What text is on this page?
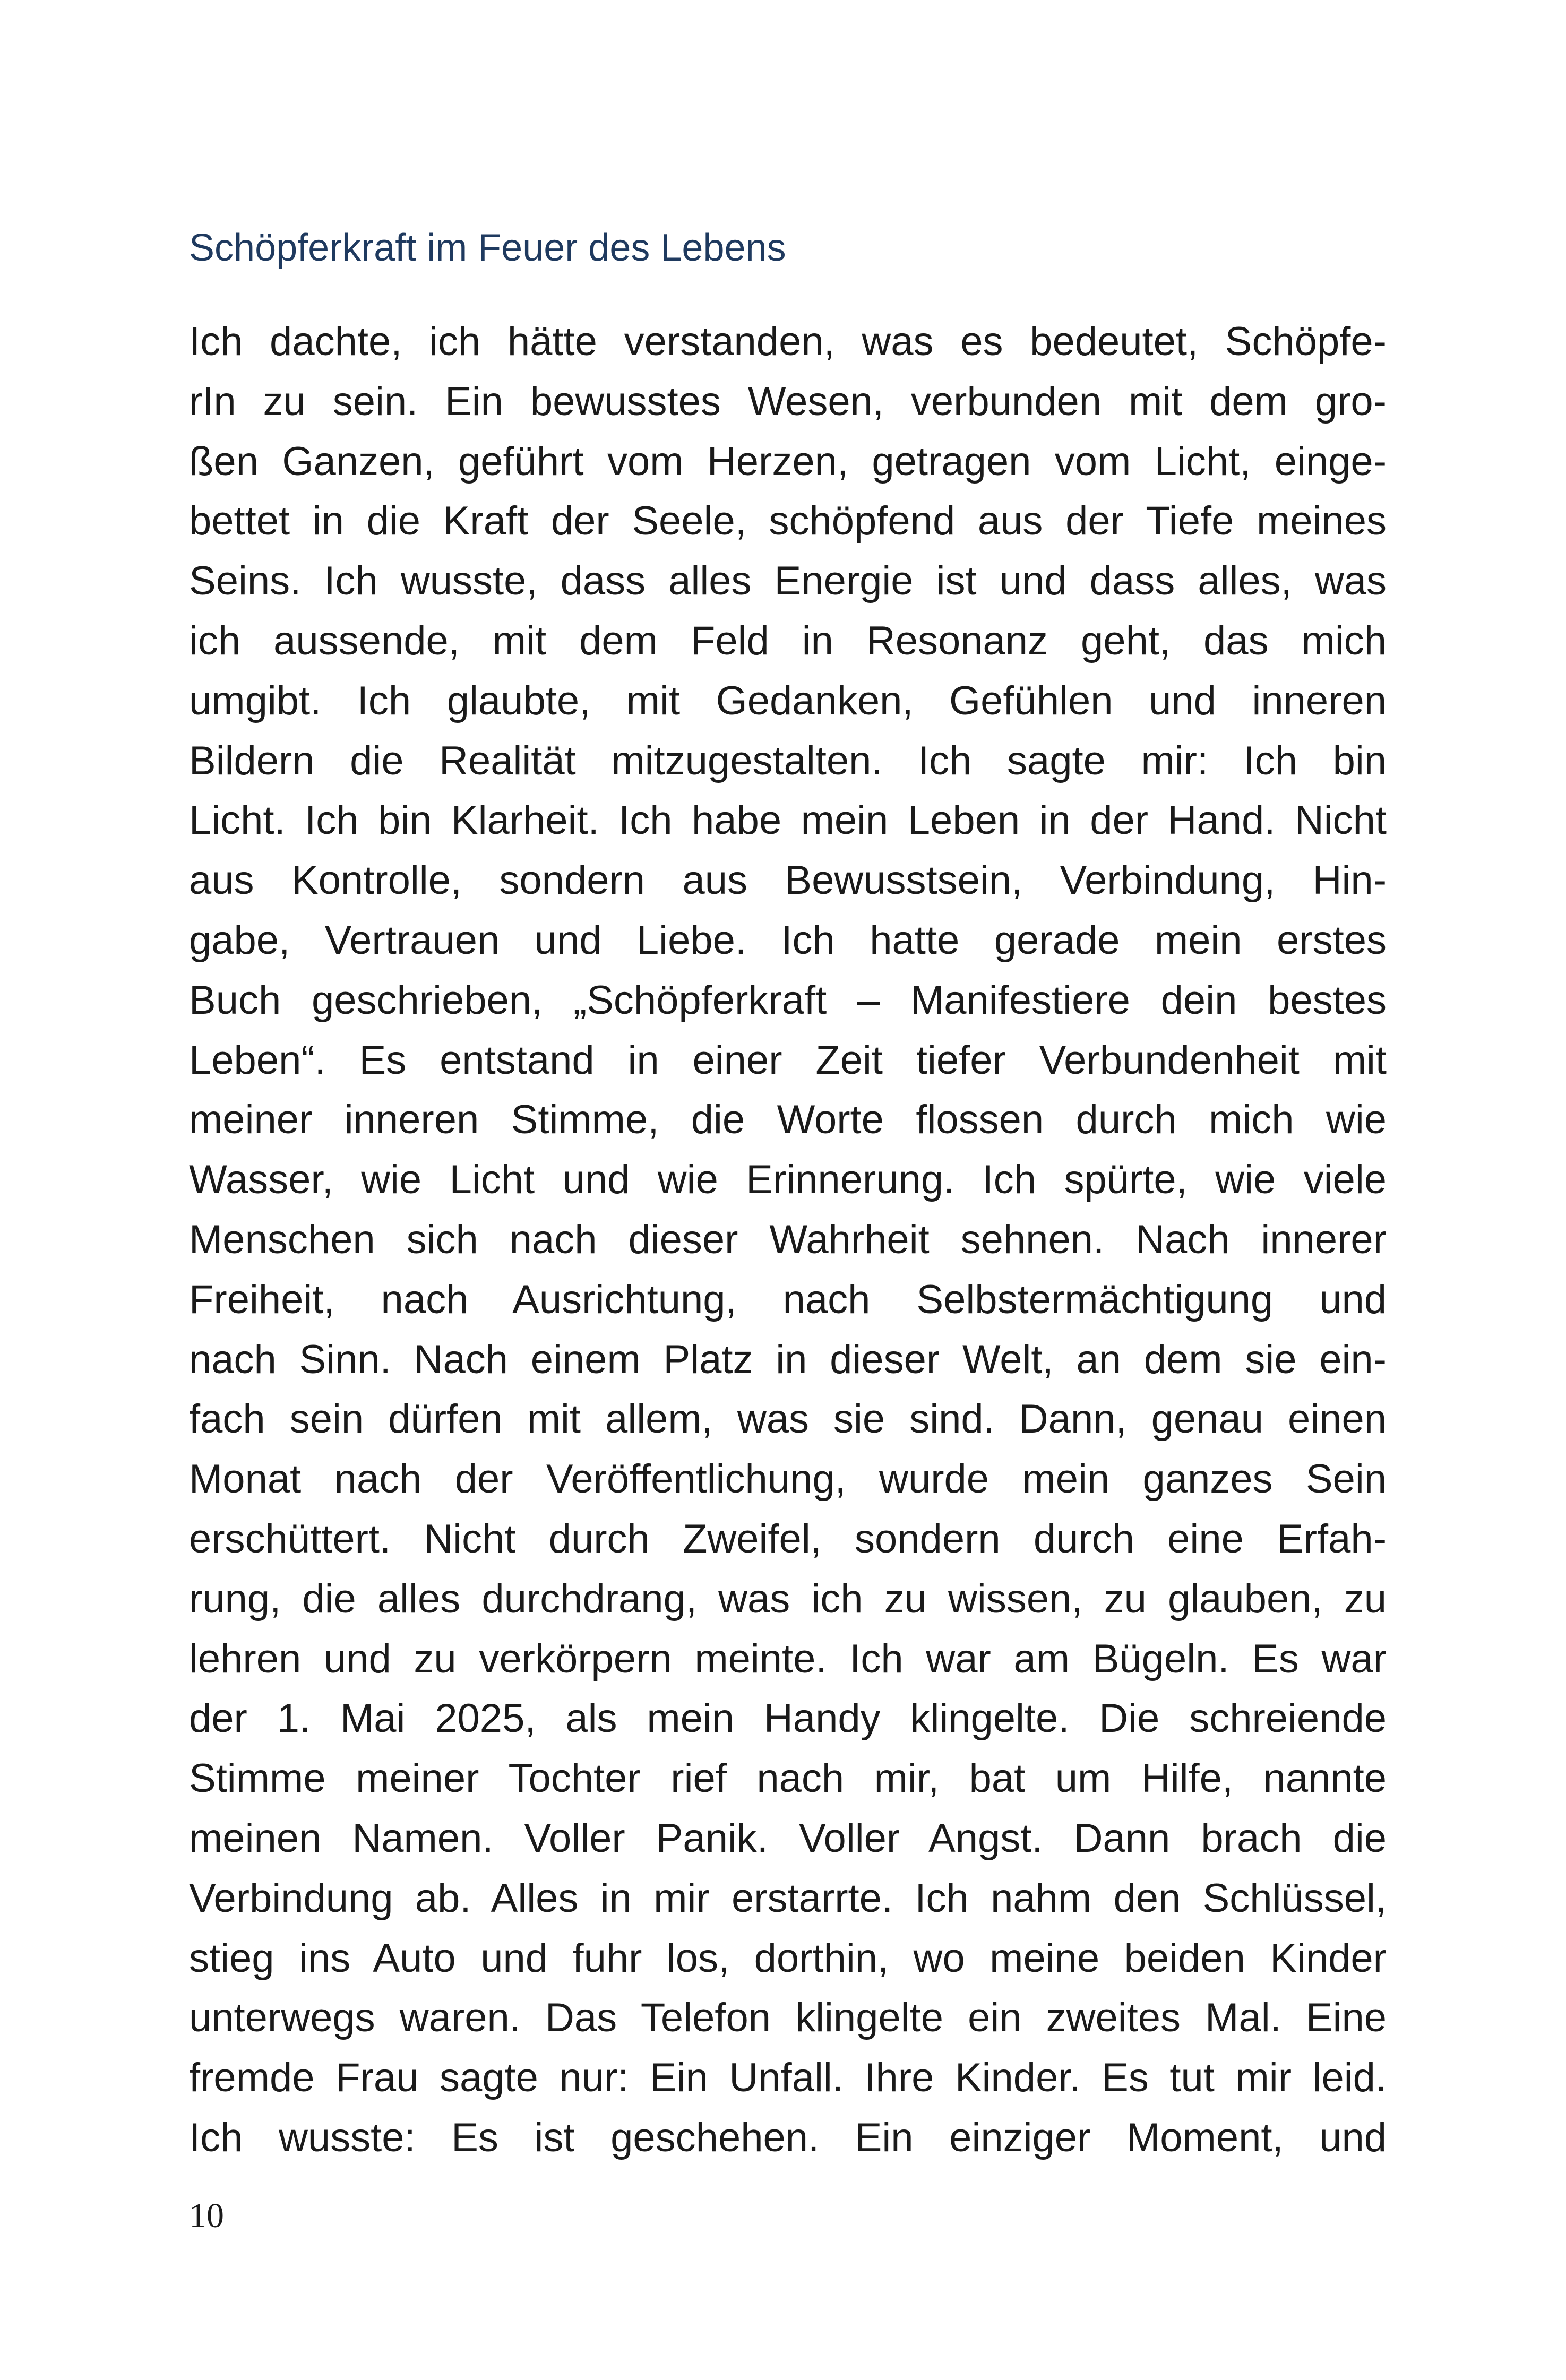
Schöpferkraft im Feuer des Lebens
Ich dachte, ich hätte verstanden, was es bedeutet, Schöpfe-
rIn zu sein. Ein bewusstes Wesen, verbunden mit dem gro-
ßen Ganzen, geführt vom Herzen, getragen vom Licht, einge-
bettet in die Kraft der Seele, schöpfend aus der Tiefe meines
Seins. Ich wusste, dass alles Energie ist und dass alles, was
ich aussende, mit dem Feld in Resonanz geht, das mich
umgibt. Ich glaubte, mit Gedanken, Gefühlen und inneren
Bildern die Realität mitzugestalten. Ich sagte mir: Ich bin
Licht. Ich bin Klarheit. Ich habe mein Leben in der Hand. Nicht
aus Kontrolle, sondern aus Bewusstsein, Verbindung, Hin-
gabe, Vertrauen und Liebe. Ich hatte gerade mein erstes
Buch geschrieben, „Schöpferkraft – Manifestiere dein bestes
Leben“. Es entstand in einer Zeit tiefer Verbundenheit mit
meiner inneren Stimme, die Worte flossen durch mich wie
Wasser, wie Licht und wie Erinnerung. Ich spürte, wie viele
Menschen sich nach dieser Wahrheit sehnen. Nach innerer
Freiheit, nach Ausrichtung, nach Selbstermächtigung und
nach Sinn. Nach einem Platz in dieser Welt, an dem sie ein-
fach sein dürfen mit allem, was sie sind. Dann, genau einen
Monat nach der Veröffentlichung, wurde mein ganzes Sein
erschüttert. Nicht durch Zweifel, sondern durch eine Erfah-
rung, die alles durchdrang, was ich zu wissen, zu glauben, zu
lehren und zu verkörpern meinte. Ich war am Bügeln. Es war
der 1. Mai 2025, als mein Handy klingelte. Die schreiende
Stimme meiner Tochter rief nach mir, bat um Hilfe, nannte
meinen Namen. Voller Panik. Voller Angst. Dann brach die
Verbindung ab. Alles in mir erstarrte. Ich nahm den Schlüssel,
stieg ins Auto und fuhr los, dorthin, wo meine beiden Kinder
unterwegs waren. Das Telefon klingelte ein zweites Mal. Eine
fremde Frau sagte nur: Ein Unfall. Ihre Kinder. Es tut mir leid.
Ich wusste: Es ist geschehen. Ein einziger Moment, und
10
